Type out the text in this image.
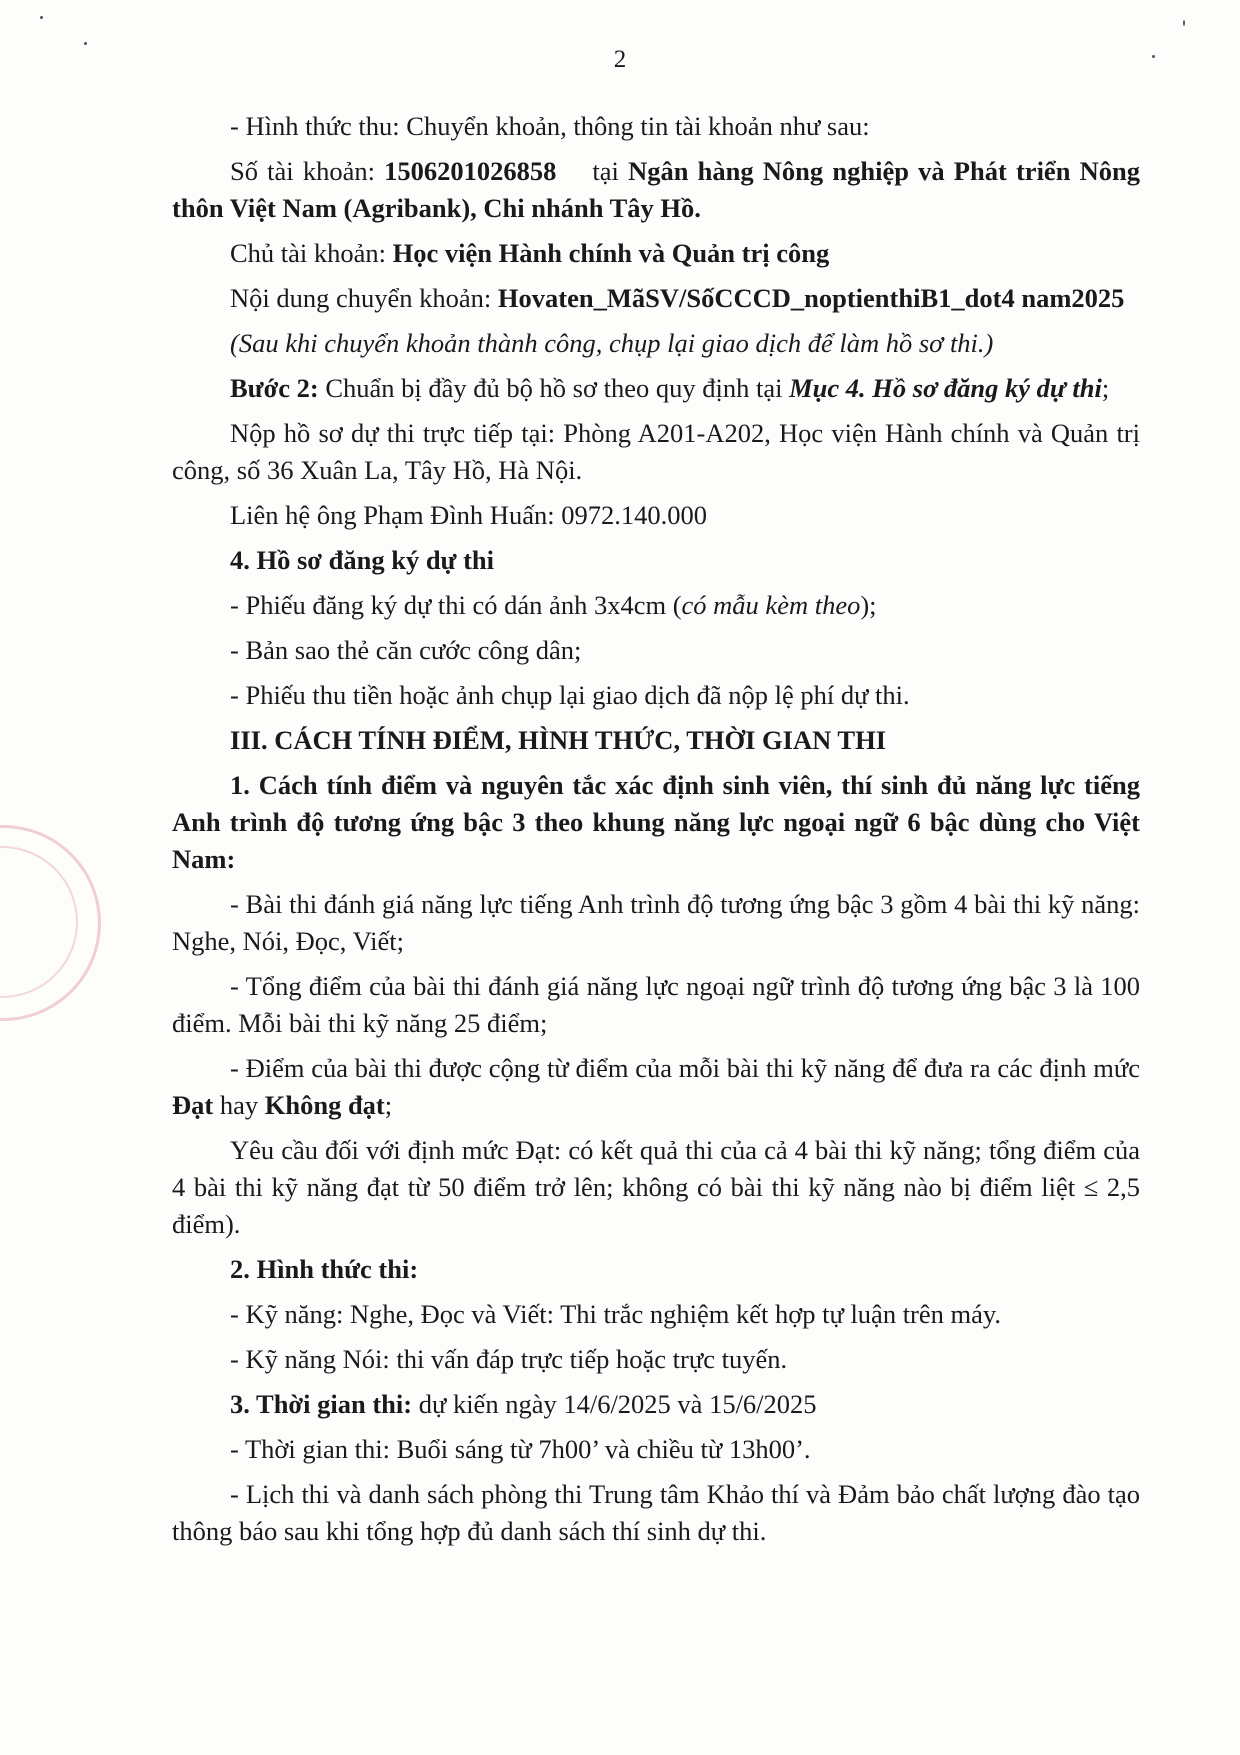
2

- Hình thức thu: Chuyển khoản, thông tin tài khoản như sau:

Số tài khoản: 1506201026858 tại Ngân hàng Nông nghiệp và Phát triển Nông thôn Việt Nam (Agribank), Chi nhánh Tây Hồ.

Chủ tài khoản: Học viện Hành chính và Quản trị công

Nội dung chuyển khoản: Hovaten_MãSV/SốCCCD_noptienthiB1_dot4 nam2025

(Sau khi chuyển khoản thành công, chụp lại giao dịch để làm hồ sơ thi.)

Bước 2: Chuẩn bị đầy đủ bộ hồ sơ theo quy định tại Mục 4. Hồ sơ đăng ký dự thi;

Nộp hồ sơ dự thi trực tiếp tại: Phòng A201-A202, Học viện Hành chính và Quản trị công, số 36 Xuân La, Tây Hồ, Hà Nội.

Liên hệ ông Phạm Đình Huấn: 0972.140.000

4. Hồ sơ đăng ký dự thi

- Phiếu đăng ký dự thi có dán ảnh 3x4cm (có mẫu kèm theo);

- Bản sao thẻ căn cước công dân;

- Phiếu thu tiền hoặc ảnh chụp lại giao dịch đã nộp lệ phí dự thi.

III. CÁCH TÍNH ĐIỂM, HÌNH THỨC, THỜI GIAN THI

1. Cách tính điểm và nguyên tắc xác định sinh viên, thí sinh đủ năng lực tiếng Anh trình độ tương ứng bậc 3 theo khung năng lực ngoại ngữ 6 bậc dùng cho Việt Nam:

- Bài thi đánh giá năng lực tiếng Anh trình độ tương ứng bậc 3 gồm 4 bài thi kỹ năng: Nghe, Nói, Đọc, Viết;

- Tổng điểm của bài thi đánh giá năng lực ngoại ngữ trình độ tương ứng bậc 3 là 100 điểm. Mỗi bài thi kỹ năng 25 điểm;

- Điểm của bài thi được cộng từ điểm của mỗi bài thi kỹ năng để đưa ra các định mức Đạt hay Không đạt;

Yêu cầu đối với định mức Đạt: có kết quả thi của cả 4 bài thi kỹ năng; tổng điểm của 4 bài thi kỹ năng đạt từ 50 điểm trở lên; không có bài thi kỹ năng nào bị điểm liệt ≤ 2,5 điểm).

2. Hình thức thi:

- Kỹ năng: Nghe, Đọc và Viết: Thi trắc nghiệm kết hợp tự luận trên máy.

- Kỹ năng Nói: thi vấn đáp trực tiếp hoặc trực tuyến.

3. Thời gian thi: dự kiến ngày 14/6/2025 và 15/6/2025

- Thời gian thi: Buổi sáng từ 7h00’ và chiều từ 13h00’.

- Lịch thi và danh sách phòng thi Trung tâm Khảo thí và Đảm bảo chất lượng đào tạo thông báo sau khi tổng hợp đủ danh sách thí sinh dự thi.
